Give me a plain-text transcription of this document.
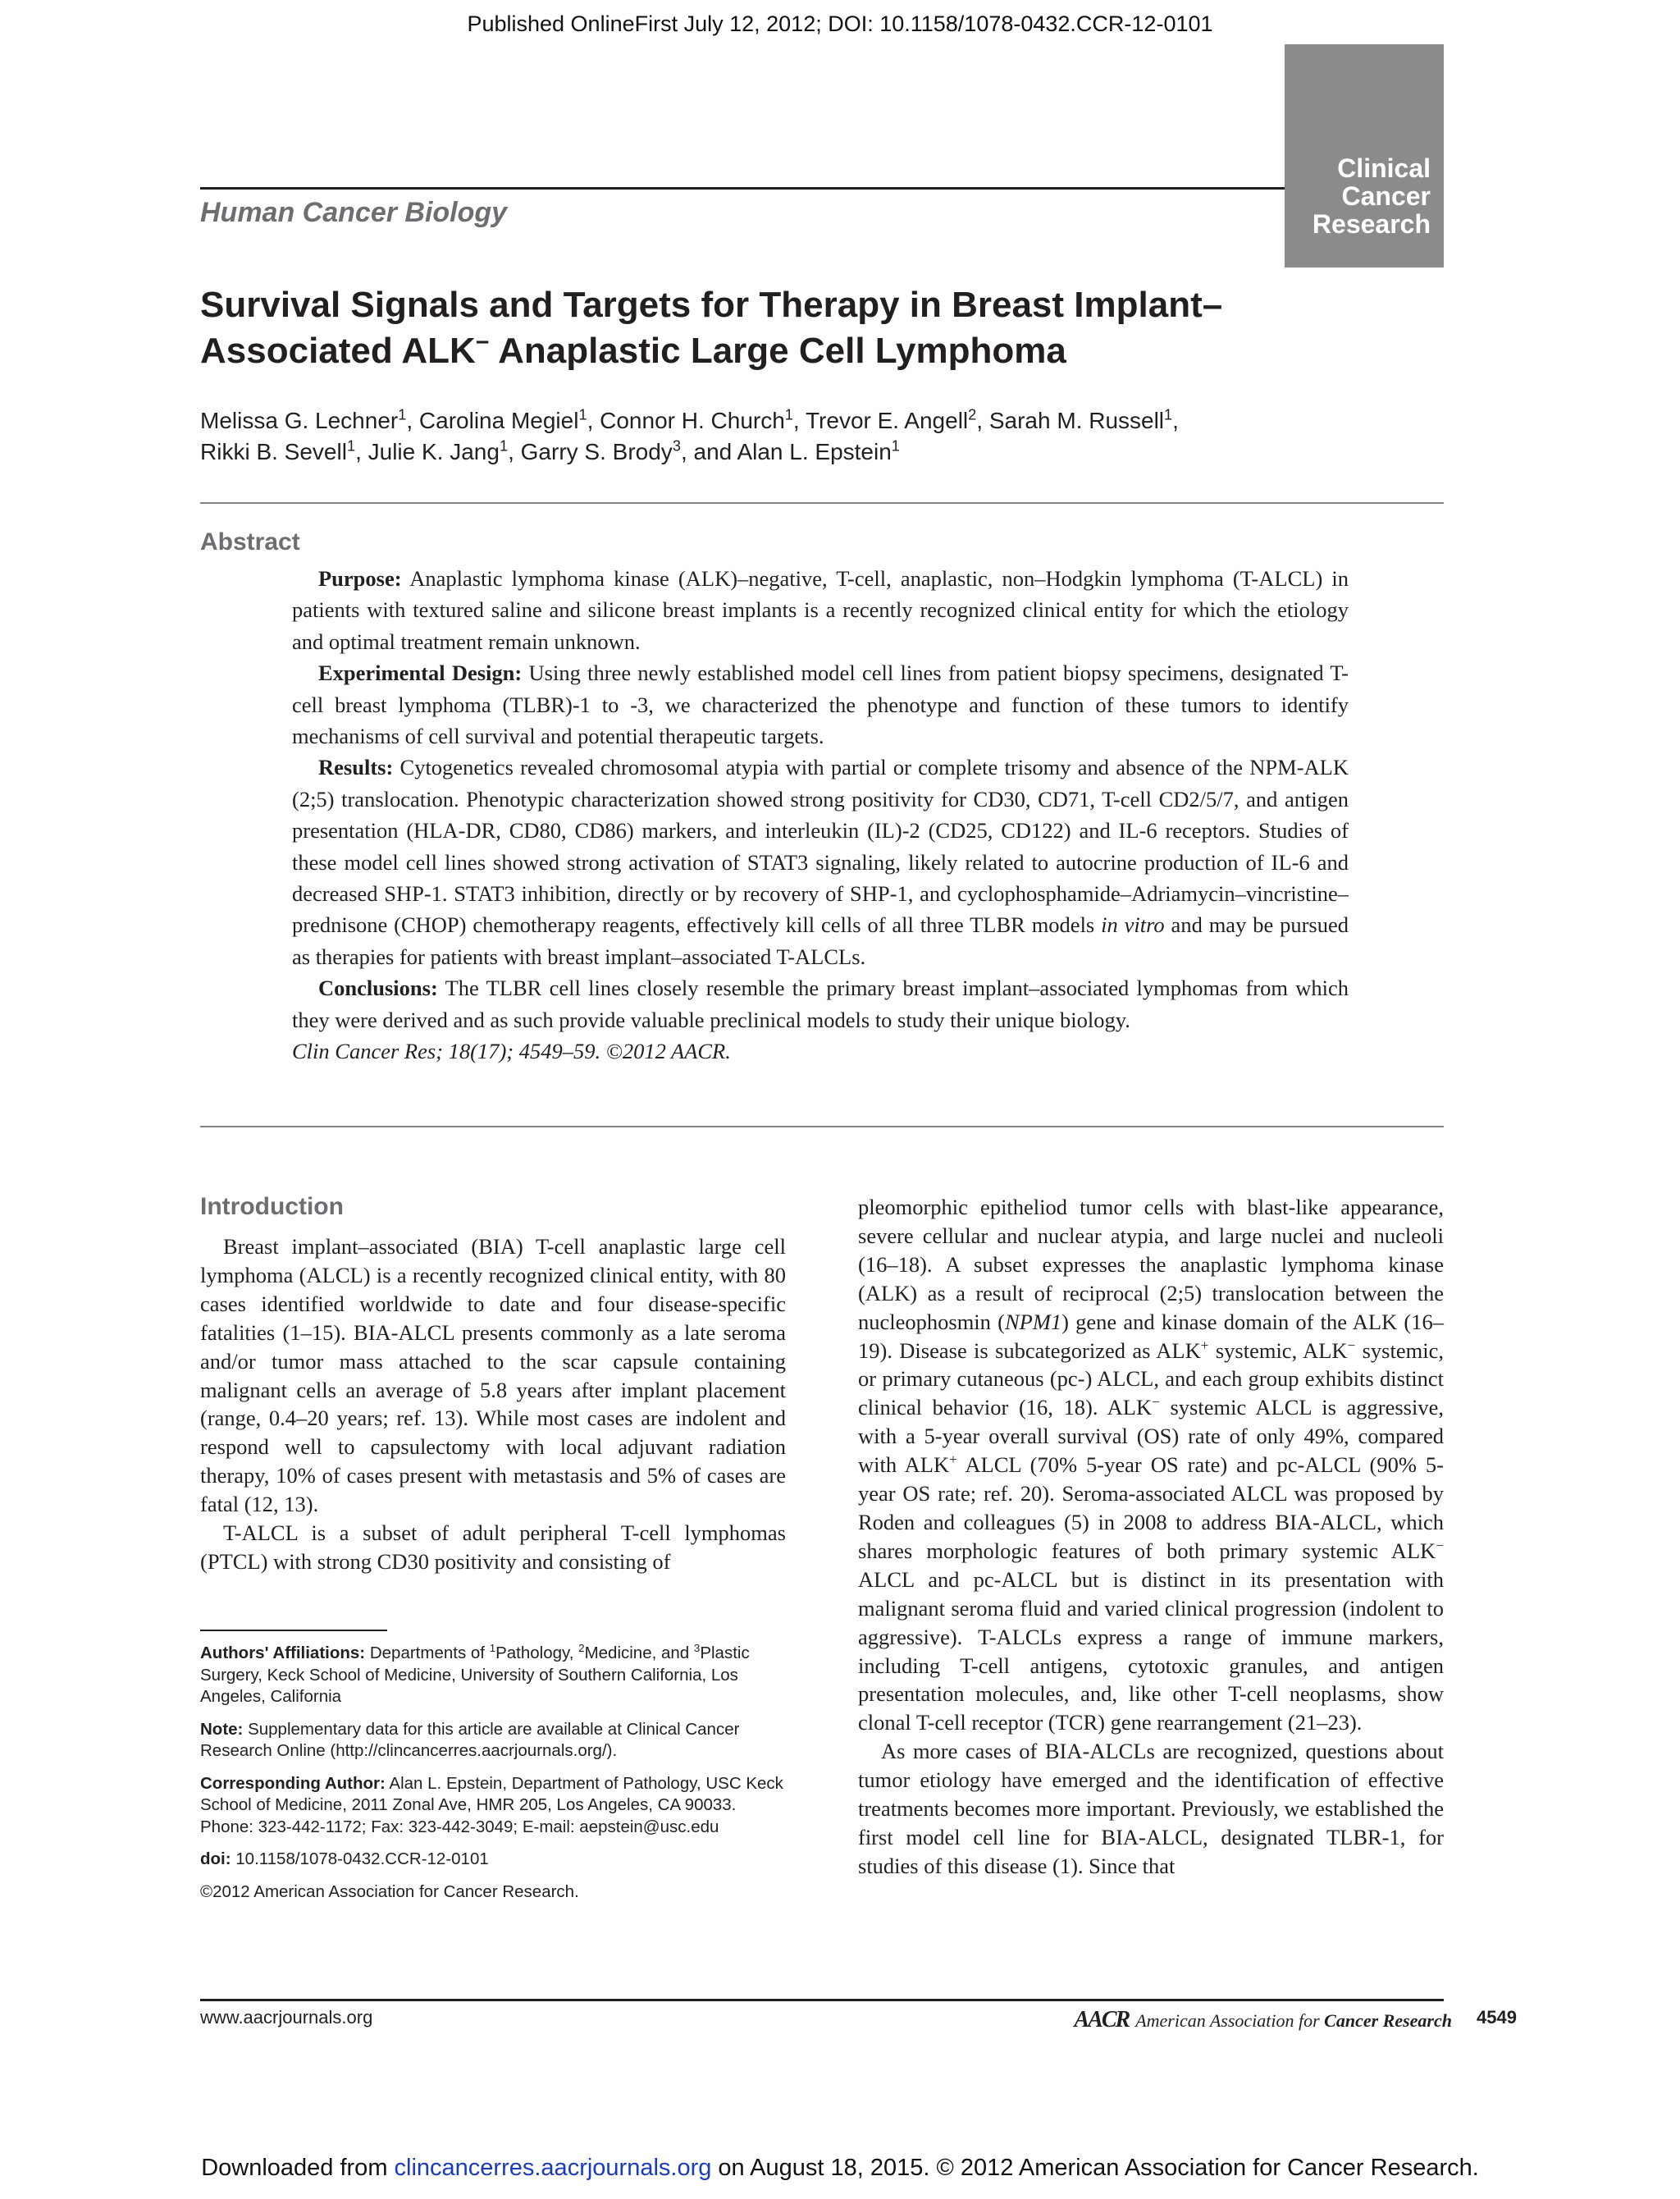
Published OnlineFirst July 12, 2012; DOI: 10.1158/1078-0432.CCR-12-0101
Human Cancer Biology
Clinical
Cancer
Research
Survival Signals and Targets for Therapy in Breast Implant–
Associated ALK− Anaplastic Large Cell Lymphoma
Melissa G. Lechner$^1$, Carolina Megiel$^1$, Connor H. Church$^1$, Trevor E. Angell$^2$, Sarah M. Russell$^1$,
Rikki B. Sevell$^1$, Julie K. Jang$^1$, Garry S. Brody$^3$, and Alan L. Epstein$^1$
Abstract

Purpose: Anaplastic lymphoma kinase (ALK)–negative, T-cell, anaplastic, non–Hodgkin lymphoma (T-ALCL) in patients with textured saline and silicone breast implants is a recently recognized clinical entity for which the etiology and optimal treatment remain unknown.

Experimental Design: Using three newly established model cell lines from patient biopsy specimens, designated T-cell breast lymphoma (TLBR)-1 to -3, we characterized the phenotype and function of these tumors to identify mechanisms of cell survival and potential therapeutic targets.

Results: Cytogenetics revealed chromosomal atypia with partial or complete trisomy and absence of the NPM-ALK (2;5) translocation. Phenotypic characterization showed strong positivity for CD30, CD71, T-cell CD2/5/7, and antigen presentation (HLA-DR, CD80, CD86) markers, and interleukin (IL)-2 (CD25, CD122) and IL-6 receptors. Studies of these model cell lines showed strong activation of STAT3 signaling, likely related to autocrine production of IL-6 and decreased SHP-1. STAT3 inhibition, directly or by recovery of SHP-1, and cyclophosphamide–Adriamycin–vincristine–prednisone (CHOP) chemotherapy reagents, effectively kill cells of all three TLBR models in vitro and may be pursued as therapies for patients with breast implant–associated T-ALCLs.

Conclusions: The TLBR cell lines closely resemble the primary breast implant–associated lymphomas from which they were derived and as such provide valuable preclinical models to study their unique biology.

Clin Cancer Res; 18(17); 4549–59. ©2012 AACR.

Introduction

Breast implant–associated (BIA) T-cell anaplastic large cell lymphoma (ALCL) is a recently recognized clinical entity, with 80 cases identified worldwide to date and four disease-specific fatalities (1–15). BIA-ALCL presents commonly as a late seroma and/or tumor mass attached to the scar capsule containing malignant cells an average of 5.8 years after implant placement (range, 0.4–20 years; ref. 13). While most cases are indolent and respond well to capsulectomy with local adjuvant radiation therapy, 10% of cases present with metastasis and 5% of cases are fatal (12, 13).

T-ALCL is a subset of adult peripheral T-cell lymphomas (PTCL) with strong CD30 positivity and consisting of

pleomorphic epitheliod tumor cells with blast-like appearance, severe cellular and nuclear atypia, and large nuclei and nucleoli (16–18). A subset expresses the anaplastic lymphoma kinase (ALK) as a result of reciprocal (2;5) translocation between the nucleophosmin (NPM1) gene and kinase domain of the ALK (16–19). Disease is subcategorized as ALK+ systemic, ALK− systemic, or primary cutaneous (pc-) ALCL, and each group exhibits distinct clinical behavior (16, 18). ALK− systemic ALCL is aggressive, with a 5-year overall survival (OS) rate of only 49%, compared with ALK+ ALCL (70% 5-year OS rate) and pc-ALCL (90% 5-year OS rate; ref. 20). Seroma-associated ALCL was proposed by Roden and colleagues (5) in 2008 to address BIA-ALCL, which shares morphologic features of both primary systemic ALK− ALCL and pc-ALCL but is distinct in its presentation with malignant seroma fluid and varied clinical progression (indolent to aggressive). T-ALCLs express a range of immune markers, including T-cell antigens, cytotoxic granules, and antigen presentation molecules, and, like other T-cell neoplasms, show clonal T-cell receptor (TCR) gene rearrangement (21–23).

As more cases of BIA-ALCLs are recognized, questions about tumor etiology have emerged and the identification of effective treatments becomes more important. Previously, we established the first model cell line for BIA-ALCL, designated TLBR-1, for studies of this disease (1). Since that

Authors' Affiliations: Departments of $^1$Pathology, $^2$Medicine, and $^3$Plastic Surgery, Keck School of Medicine, University of Southern California, Los Angeles, California

Note: Supplementary data for this article are available at Clinical Cancer Research Online (http://clincancerres.aacrjournals.org/).

Corresponding Author: Alan L. Epstein, Department of Pathology, USC Keck School of Medicine, 2011 Zonal Ave, HMR 205, Los Angeles, CA 90033. Phone: 323-442-1172; Fax: 323-442-3049; E-mail: aepstein@usc.edu

doi: 10.1158/1078-0432.CCR-12-0101

©2012 American Association for Cancer Research.

www.aacrjournals.org	AACR American Association for Cancer Research 4549
Downloaded from clincancerres.aacrjournals.org on August 18, 2015. © 2012 American Association for Cancer Research.
